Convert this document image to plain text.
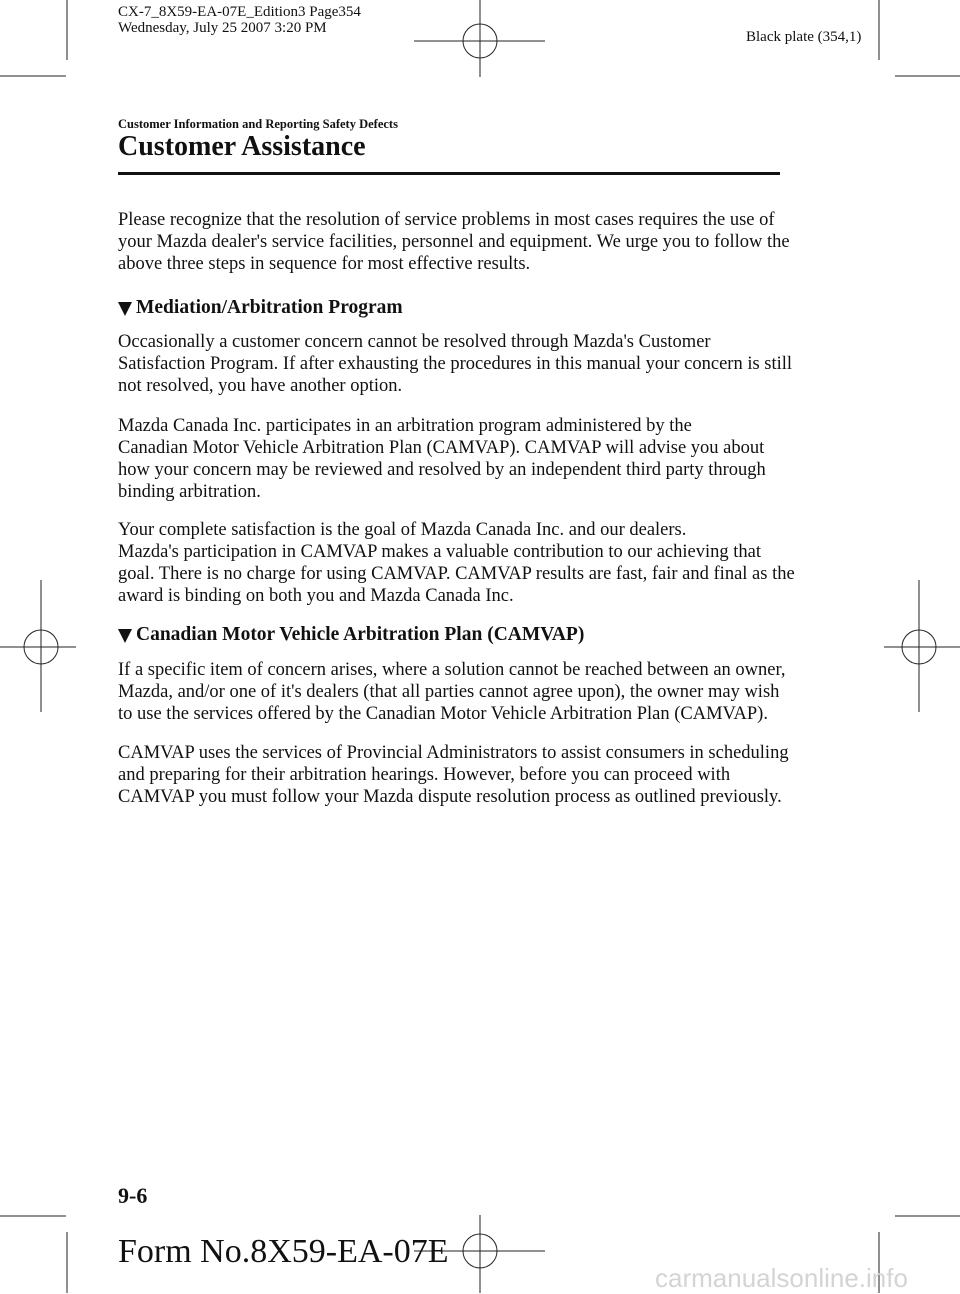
CX-7_8X59-EA-07E_Edition3 Page354
Wednesday, July 25 2007 3:20 PM
Black plate (354,1)
Customer Information and Reporting Safety Defects
Customer Assistance

Please recognize that the resolution of service problems in most cases requires the use of
your Mazda dealer's service facilities, personnel and equipment. We urge you to follow the
above three steps in sequence for most effective results.

Mediation/Arbitration Program

Occasionally a customer concern cannot be resolved through Mazda's Customer
Satisfaction Program. If after exhausting the procedures in this manual your concern is still
not resolved, you have another option.

Mazda Canada Inc. participates in an arbitration program administered by the
Canadian Motor Vehicle Arbitration Plan (CAMVAP). CAMVAP will advise you about
how your concern may be reviewed and resolved by an independent third party through
binding arbitration.

Your complete satisfaction is the goal of Mazda Canada Inc. and our dealers.
Mazda's participation in CAMVAP makes a valuable contribution to our achieving that
goal. There is no charge for using CAMVAP. CAMVAP results are fast, fair and final as the
award is binding on both you and Mazda Canada Inc.

Canadian Motor Vehicle Arbitration Plan (CAMVAP)

If a specific item of concern arises, where a solution cannot be reached between an owner,
Mazda, and/or one of it's dealers (that all parties cannot agree upon), the owner may wish
to use the services offered by the Canadian Motor Vehicle Arbitration Plan (CAMVAP).

CAMVAP uses the services of Provincial Administrators to assist consumers in scheduling
and preparing for their arbitration hearings. However, before you can proceed with
CAMVAP you must follow your Mazda dispute resolution process as outlined previously.

9-6
Form No.8X59-EA-07E
carmanualsonline.info
